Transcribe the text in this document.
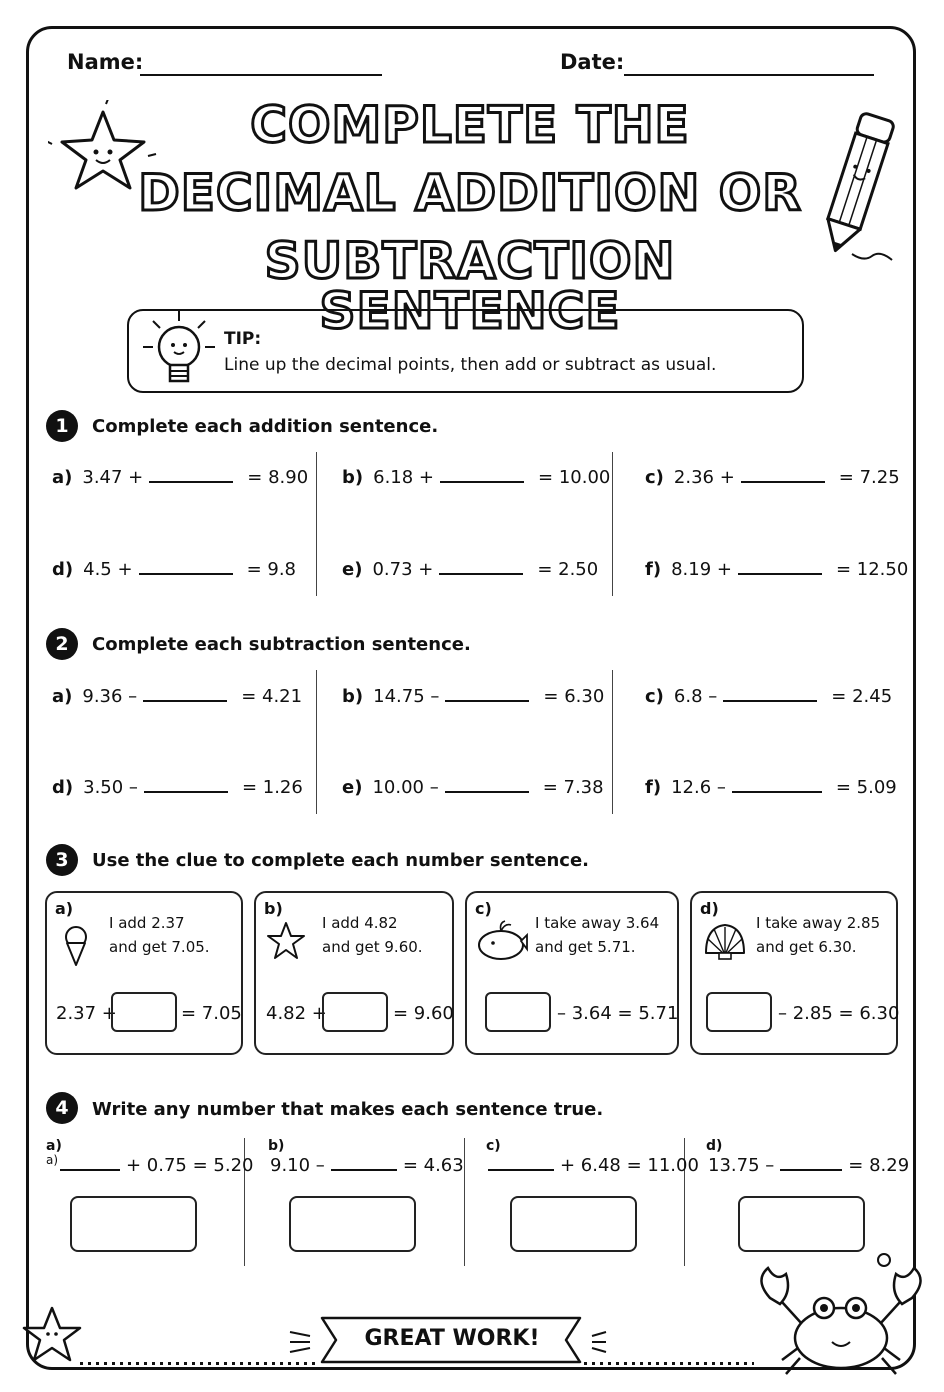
Name:	Date:
COMPLETE THE
DECIMAL ADDITION OR
SUBTRACTION SENTENCE
TIP:
Line up the decimal points, then add or subtract as usual.
1	Complete each addition sentence.
a) 3.47 +	= 8.90 b) 6.18 +	= 10.00 c) 2.36 +	= 7.25
d) 4.5 +	= 9.8	e) 0.73 +	= 2.50	f) 8.19 +	= 12.50
2	Complete each subtraction sentence.
a) 9.36 –	= 4.21 b) 14.75 –	= 6.30 c) 6.8 –	= 2.45
d) 3.50 –	= 1.26 e) 10.00 –	= 7.38 f) 12.6 –	= 5.09
3	Use the clue to complete each number sentence.
a)
I add 2.37
and get 7.05.
2.37 +	= 7.05
b)
I add 4.82
and get 9.60.
4.82 +	= 9.60
c)
I take away 3.64
and get 5.71.
– 3.64 = 5.71
d)
I take away 2.85
and get 6.30.
– 2.85 = 6.30
4	Write any number that makes each sentence true.
a)
a)	+ 0.75 = 5.20
b)
9.10 –	= 4.63
c)
+ 6.48 = 11.00
d)
13.75 –	= 8.29
GREAT WORK!
